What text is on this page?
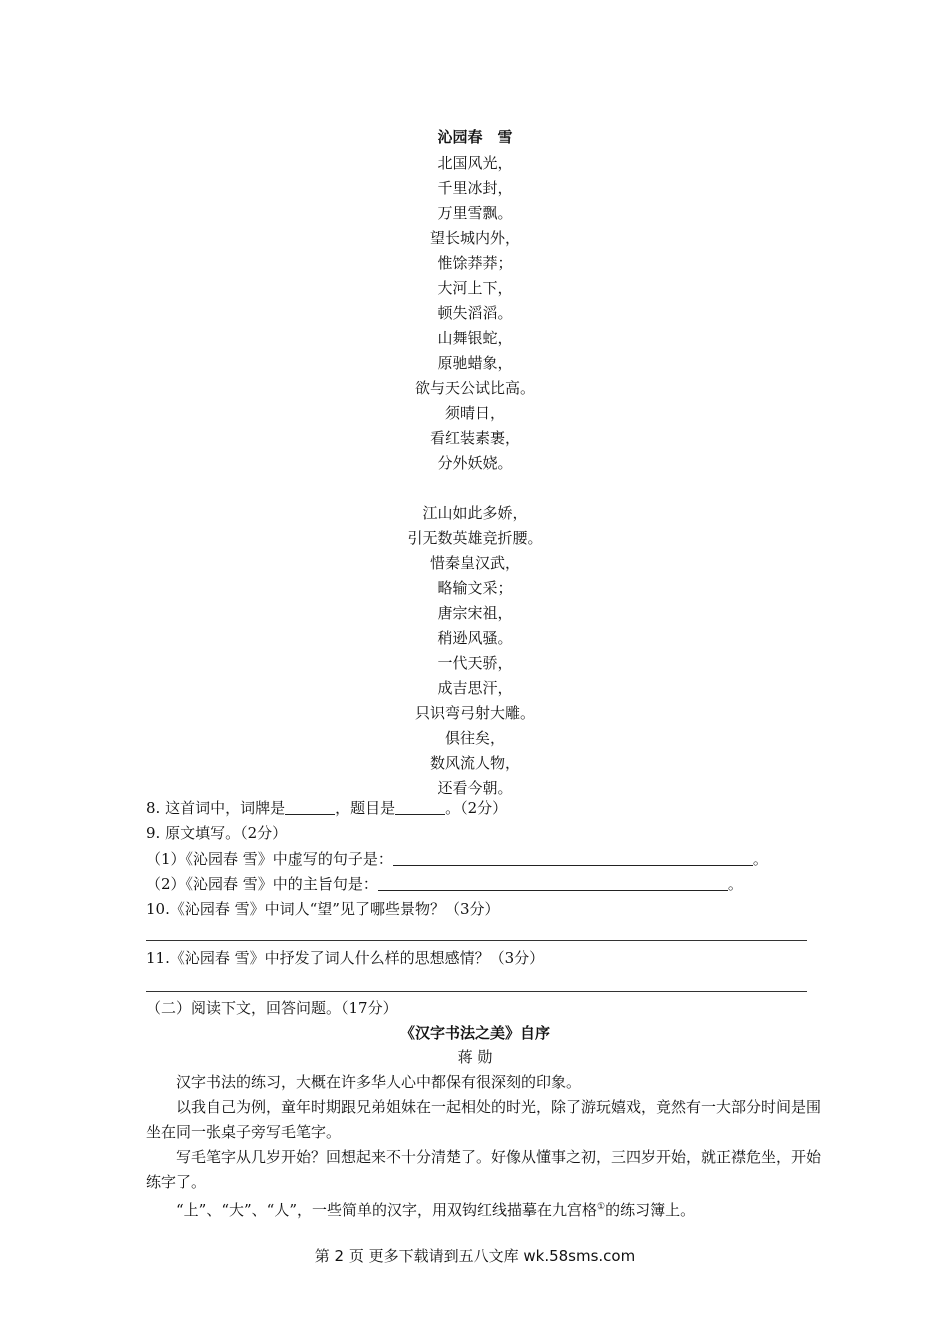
沁园春　雪
北国风光，
千里冰封，
万里雪飘。
望长城内外，
惟馀莽莽；
大河上下，
顿失滔滔。
山舞银蛇，
原驰蜡象，
欲与天公试比高。
须晴日，
看红装素裹，
分外妖娆。
江山如此多娇，
引无数英雄竞折腰。
惜秦皇汉武，
略输文采；
唐宗宋祖，
稍逊风骚。
一代天骄，
成吉思汗，
只识弯弓射大雕。
俱往矣，
数风流人物，
还看今朝。
8. 这首词中，词牌是	，题目是	。（2分）
9. 原文填写。（2分）
（1）《沁园春 雪》中虚写的句子是：	。
（2）《沁园春 雪》中的主旨句是：	。
10.《沁园春 雪》中词人“望”见了哪些景物？（3分）
11.《沁园春 雪》中抒发了词人什么样的思想感情？（3分）
（二）阅读下文，回答问题。（17分）
《汉字书法之美》自序
蒋 勋
汉字书法的练习，大概在许多华人心中都保有很深刻的印象。
以我自己为例，童年时期跟兄弟姐妹在一起相处的时光，除了游玩嬉戏，竟然有一大部分时间是围坐在同一张桌子旁写毛笔字。
写毛笔字从几岁开始？回想起来不十分清楚了。好像从懂事之初，三四岁开始，就正襟危坐，开始练字了。
“上”、“大”、“人”，一些简单的汉字，用双钩红线描摹在九宫格①的练习簿上。
第 2 页 更多下载请到五八文库 wk.58sms.com
